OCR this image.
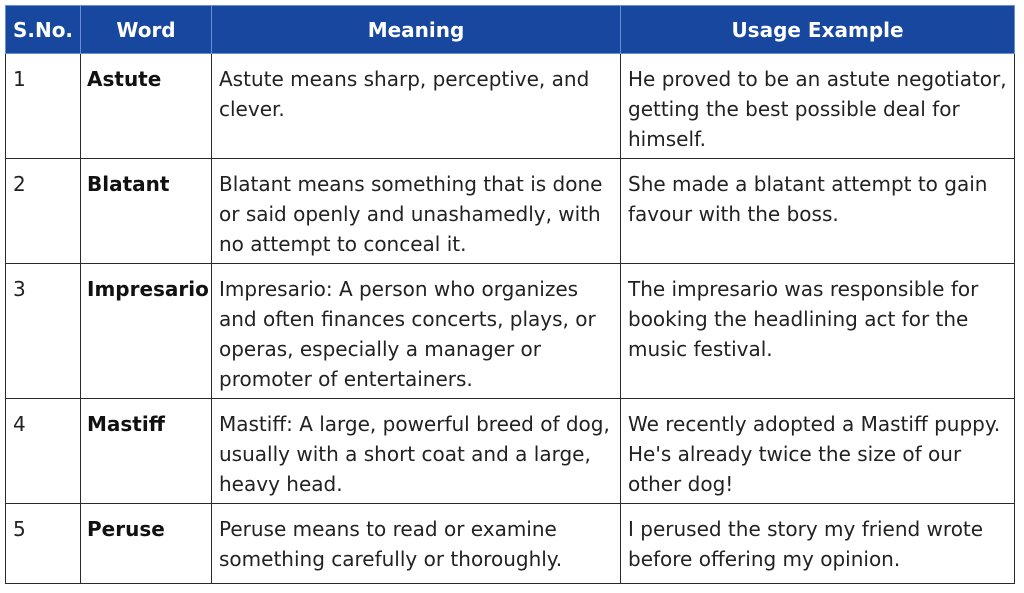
S.No.	Word	Meaning	Usage Example
1	Astute	Astute means sharp, perceptive, and clever.	He proved to be an astute negotiator, getting the best possible deal for himself.
2	Blatant	Blatant means something that is done or said openly and unashamedly, with no attempt to conceal it.	She made a blatant attempt to gain favour with the boss.
3	Impresario	Impresario: A person who organizes and often finances concerts, plays, or operas, especially a manager or promoter of entertainers.	The impresario was responsible for booking the headlining act for the music festival.
4	Mastiff	Mastiff: A large, powerful breed of dog, usually with a short coat and a large, heavy head.	We recently adopted a Mastiff puppy. He's already twice the size of our other dog!
5	Peruse	Peruse means to read or examine something carefully or thoroughly.	I perused the story my friend wrote before offering my opinion.
